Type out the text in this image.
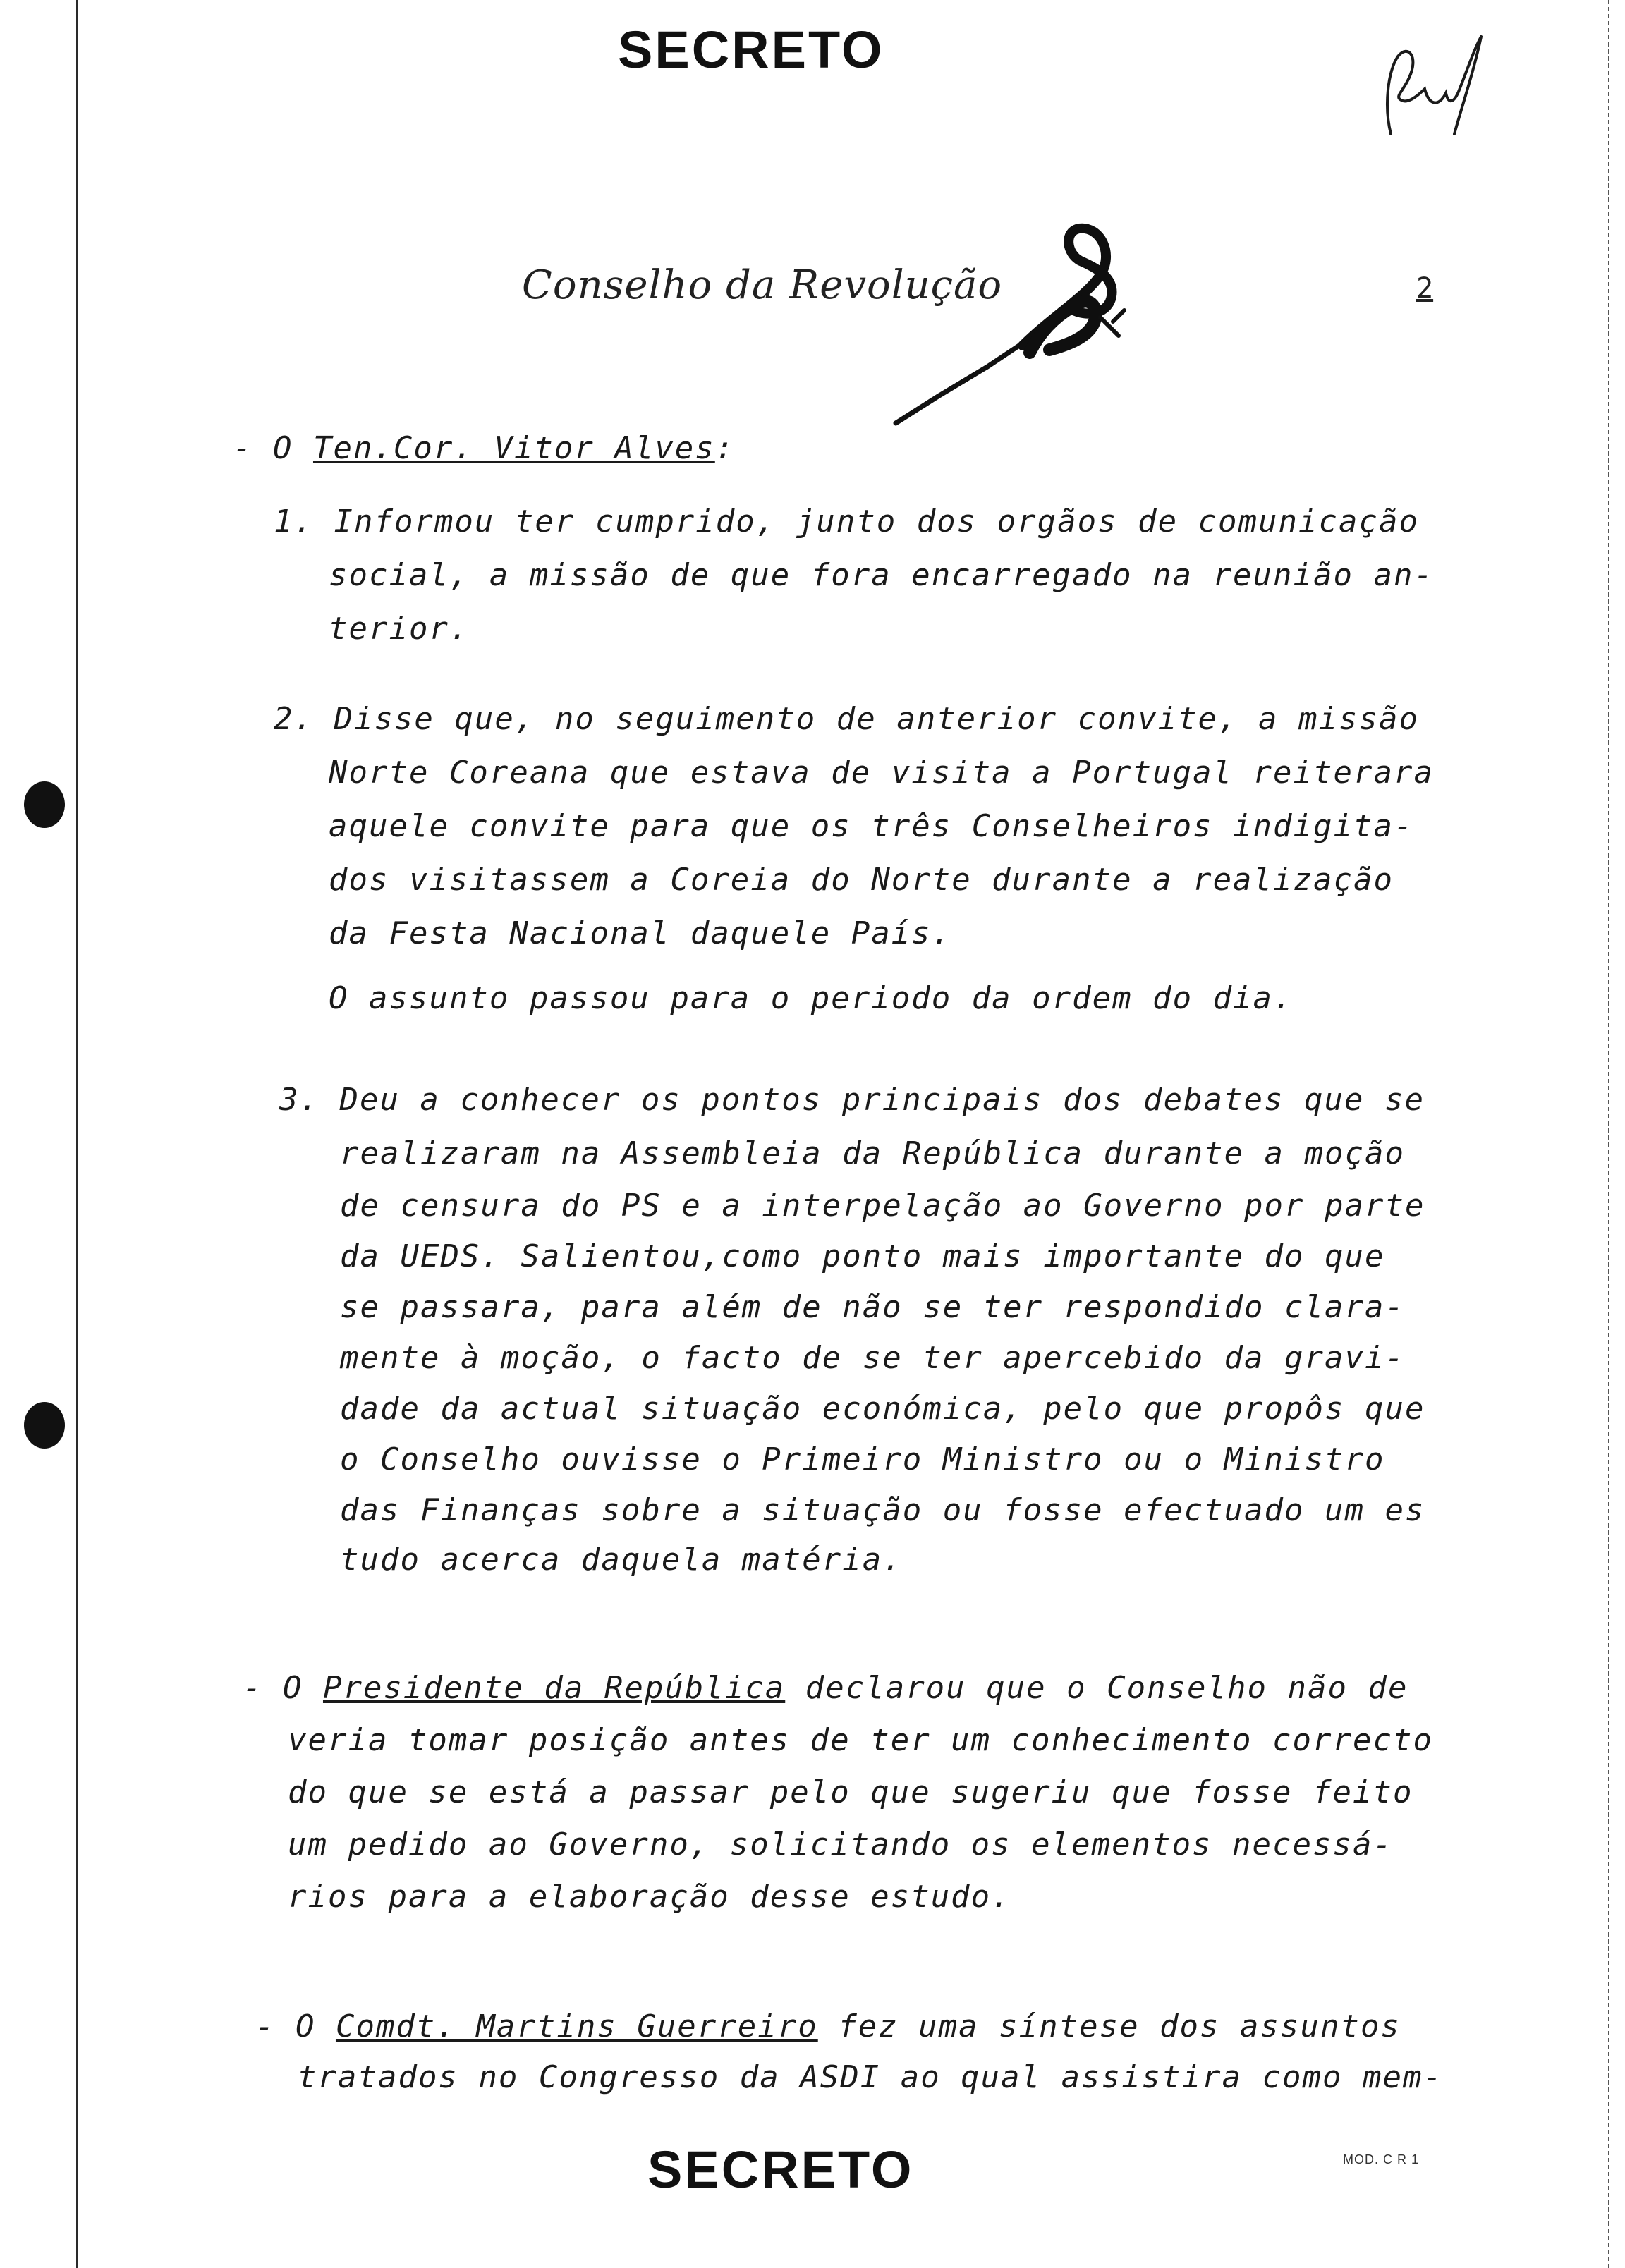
SECRETO
Conselho da Revolução	2
- O Ten.Cor. Vitor Alves:
1. Informou ter cumprido, junto dos orgãos de comunicação
social, a missão de que fora encarregado na reunião an-
terior.
2. Disse que, no seguimento de anterior convite, a missão
Norte Coreana que estava de visita a Portugal reiterara
aquele convite para que os três Conselheiros indigita-
dos visitassem a Coreia do Norte durante a realização
da Festa Nacional daquele País.
O assunto passou para o periodo da ordem do dia.
3. Deu a conhecer os pontos principais dos debates que se
realizaram na Assembleia da República durante a moção
de censura do PS e a interpelação ao Governo por parte
da UEDS. Salientou,como ponto mais importante do que
se passara, para além de não se ter respondido clara-
mente à moção, o facto de se ter apercebido da gravi-
dade da actual situação económica, pelo que propôs que
o Conselho ouvisse o Primeiro Ministro ou o Ministro
das Finanças sobre a situação ou fosse efectuado um es
tudo acerca daquela matéria.
- O Presidente da República declarou que o Conselho não de
veria tomar posição antes de ter um conhecimento correcto
do que se está a passar pelo que sugeriu que fosse feito
um pedido ao Governo, solicitando os elementos necessá-
rios para a elaboração desse estudo.
- O Comdt. Martins Guerreiro fez uma síntese dos assuntos
tratados no Congresso da ASDI ao qual assistira como mem-
SECRETO	MOD. C R 1
